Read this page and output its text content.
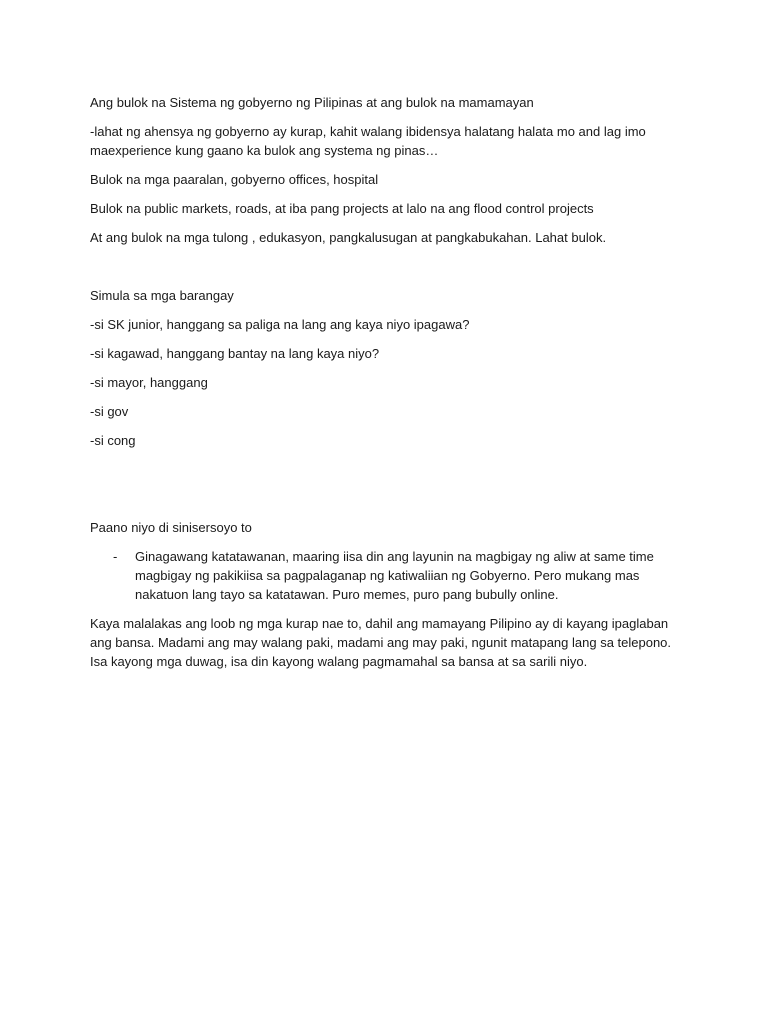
Ang bulok na Sistema ng gobyerno ng Pilipinas at ang bulok na mamamayan

-lahat ng ahensya ng gobyerno ay kurap, kahit walang ibidensya halatang halata mo and lag imo maexperience kung gaano ka bulok ang systema ng pinas…

Bulok na mga paaralan, gobyerno offices, hospital

Bulok na public markets, roads, at iba pang projects at lalo na ang flood control projects

At ang bulok na mga tulong , edukasyon, pangkalusugan at pangkabukahan. Lahat bulok.

Simula sa mga barangay

-si SK junior, hanggang sa paliga na lang ang kaya niyo ipagawa?

-si kagawad, hanggang bantay na lang kaya niyo?

-si mayor, hanggang

-si gov

-si cong

Paano niyo di sinisersoyo to

- Ginagawang katatawanan, maaring iisa din ang layunin na magbigay ng aliw at same time magbigay ng pakikiisa sa pagpalaganap ng katiwaliian ng Gobyerno. Pero mukang mas nakatuon lang tayo sa katatawan. Puro memes, puro pang bubully online.

Kaya malalakas ang loob ng mga kurap nae to, dahil ang mamayang Pilipino ay di kayang ipaglaban ang bansa. Madami ang may walang paki, madami ang may paki, ngunit matapang lang sa telepono. Isa kayong mga duwag, isa din kayong walang pagmamahal sa bansa at sa sarili niyo.
